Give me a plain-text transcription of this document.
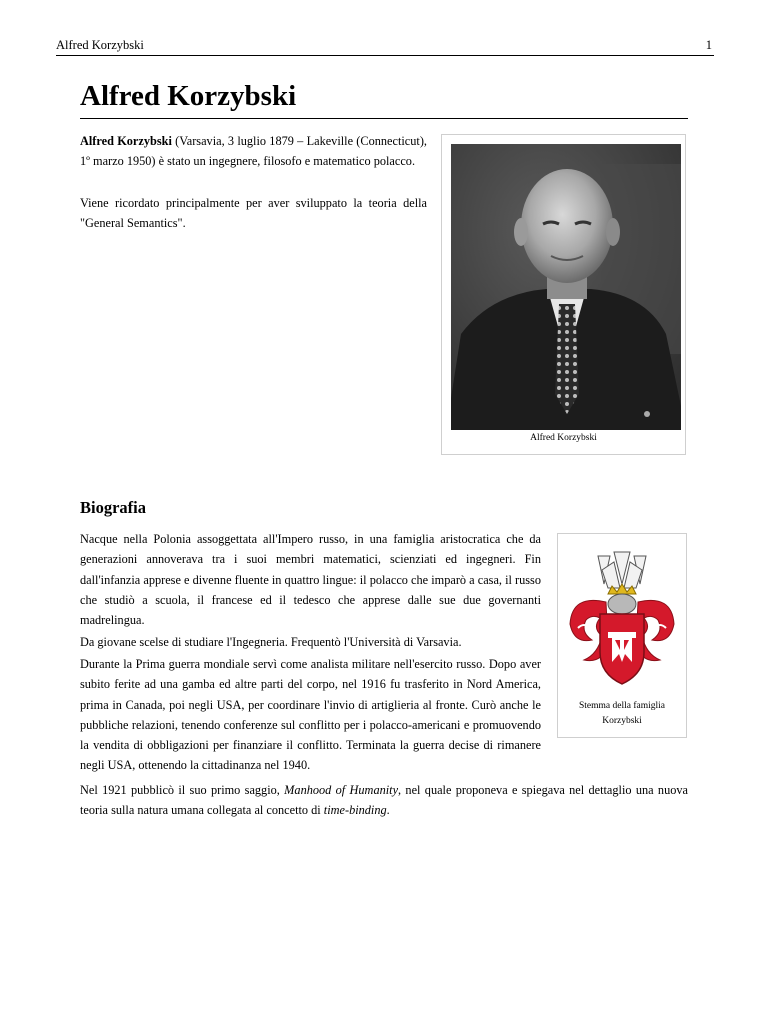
Alfred Korzybski	1
Alfred Korzybski

Alfred Korzybski (Varsavia, 3 luglio 1879 – Lakeville (Connecticut), 1º marzo 1950) è stato un ingegnere, filosofo e matematico polacco.

Viene ricordato principalmente per aver sviluppato la teoria della "General Semantics".

Alfred Korzybski
Biografia

Nacque nella Polonia assoggettata all'Impero russo, in una famiglia aristocratica che da generazioni annoverava tra i suoi membri matematici, scienziati ed ingegneri. Fin dall'infanzia apprese e divenne fluente in quattro lingue: il polacco che imparò a casa, il russo che studiò a scuola, il francese ed il tedesco che apprese dalle sue due governanti madrelingua.

Da giovane scelse di studiare l'Ingegneria. Frequentò l'Università di Varsavia.

Durante la Prima guerra mondiale servì come analista militare nell'esercito russo. Dopo aver subito ferite ad una gamba ed altre parti del corpo, nel 1916 fu trasferito in Nord America, prima in Canada, poi negli USA, per coordinare l'invio di artiglieria al fronte. Curò anche le pubbliche relazioni, tenendo conferenze sul conflitto per i polacco-americani e promuovendo la vendita di obbligazioni per finanziare il conflitto. Terminata la guerra decise di rimanere negli USA, ottenendo la cittadinanza nel 1940.

Nel 1921 pubblicò il suo primo saggio, Manhood of Humanity, nel quale proponeva e spiegava nel dettaglio una nuova teoria sulla natura umana collegata al concetto di time-binding.

Stemma della famiglia Korzybski
